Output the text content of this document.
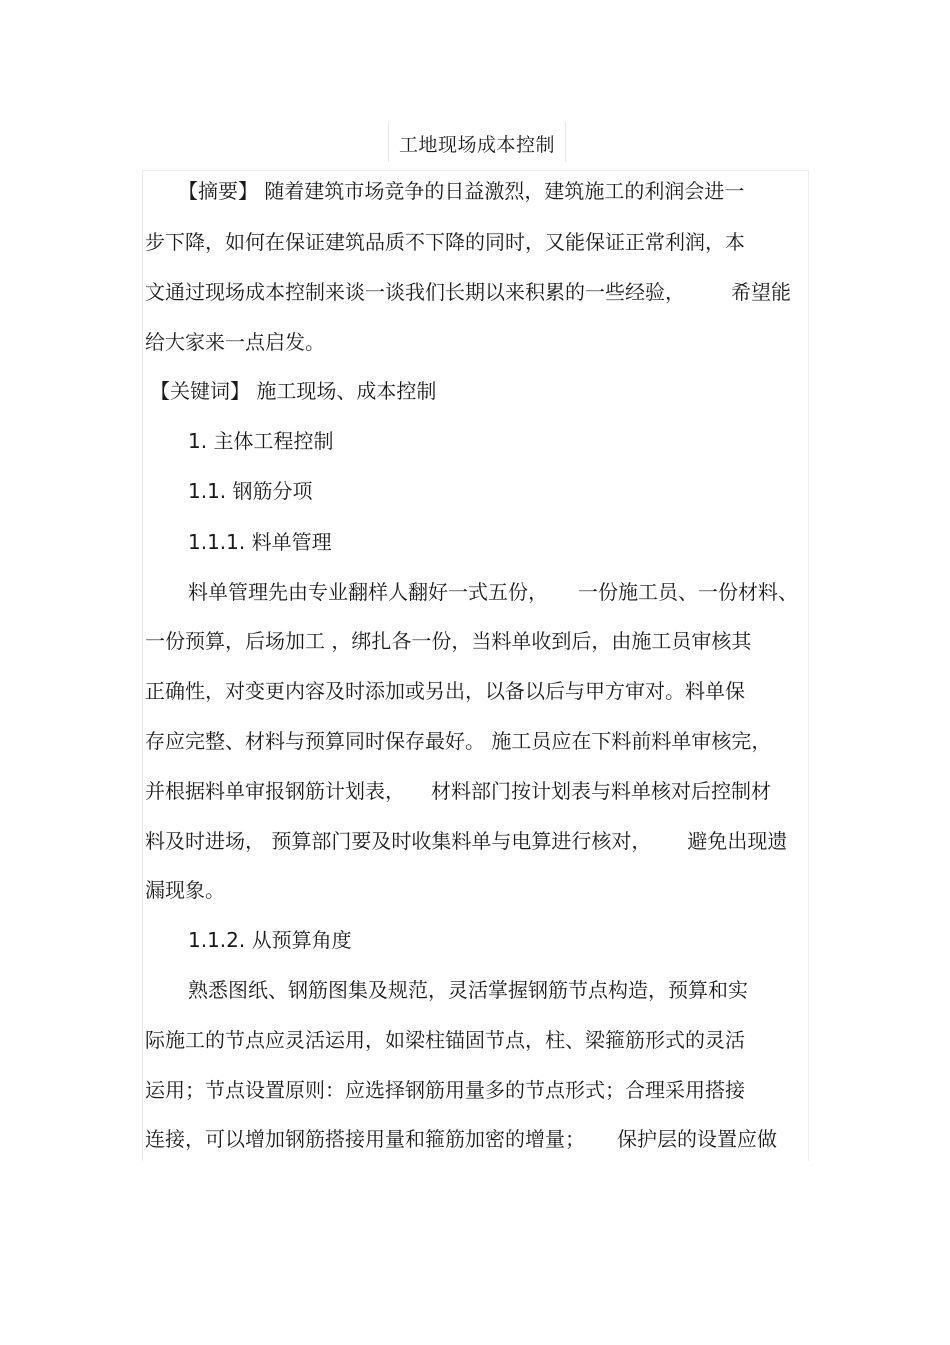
工地现场成本控制
【摘要】 随着建筑市场竞争的日益激烈，建筑施工的利润会进一
步下降，如何在保证建筑品质不下降的同时，又能保证正常利润，本
文通过现场成本控制来谈一谈我们长期以来积累的一些经验， 希望能
给大家来一点启发。
【关键词】 施工现场、成本控制
1. 主体工程控制
1.1. 钢筋分项
1.1.1. 料单管理
料单管理先由专业翻样人翻好一式五份， 一份施工员、一份材料、
一份预算，后场加工 ，绑扎各一份，当料单收到后，由施工员审核其
正确性，对变更内容及时添加或另出，以备以后与甲方审对。料单保
存应完整、材料与预算同时保存最好。 施工员应在下料前料单审核完，
并根据料单审报钢筋计划表， 材料部门按计划表与料单核对后控制材
料及时进场， 预算部门要及时收集料单与电算进行核对， 避免出现遗
漏现象。
1.1.2. 从预算角度
熟悉图纸、钢筋图集及规范，灵活掌握钢筋节点构造，预算和实
际施工的节点应灵活运用，如梁柱锚固节点，柱、梁箍筋形式的灵活
运用；节点设置原则：应选择钢筋用量多的节点形式；合理采用搭接
连接，可以增加钢筋搭接用量和箍筋加密的增量； 保护层的设置应做
